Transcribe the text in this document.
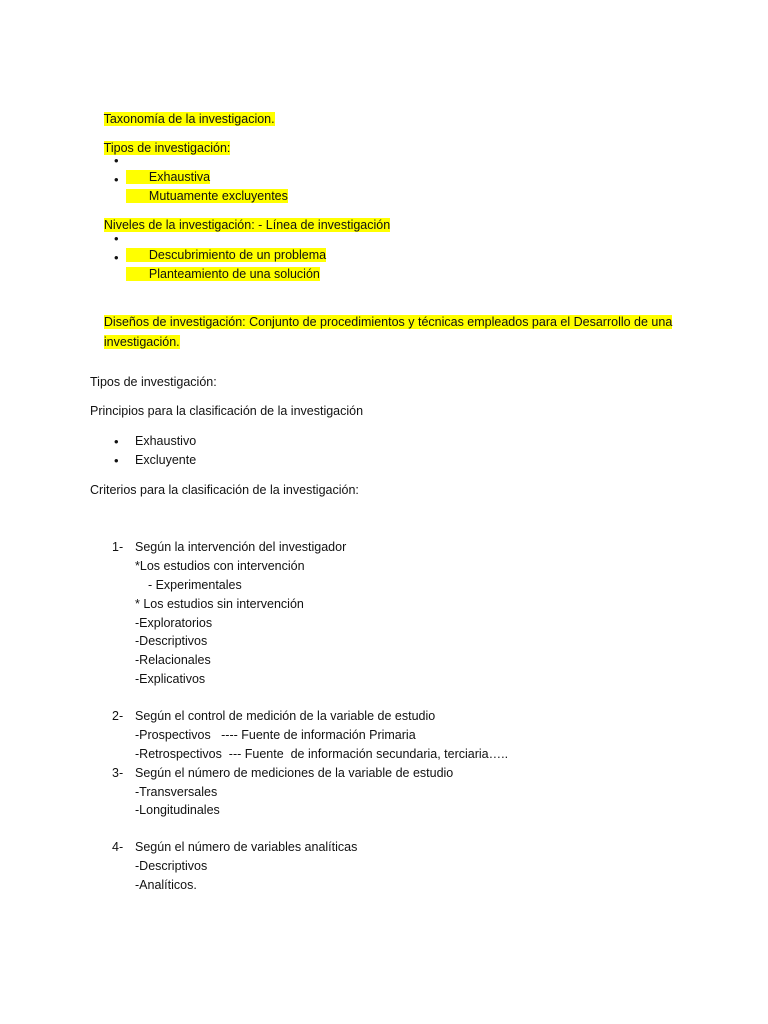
Taxonomía de la investigacion.

Tipos de investigación:

•

Exhaustiva

•

Mutuamente excluyentes

Niveles de la investigación: - Línea de investigación

•

Descubrimiento de un problema

•

Planteamiento de una solución

Diseños de investigación: Conjunto de procedimientos y técnicas empleados para el Desarrollo de una

investigación.

Tipos de investigación:
Principios para la clasificación de la investigación
• Exhaustivo
• Excluyente
Criterios para la clasificación de la investigación:
1- Según la intervención del investigador
*Los estudios con intervención
- Experimentales
* Los estudios sin intervención
-Exploratorios
-Descriptivos
-Relacionales
-Explicativos
2- Según el control de medición de la variable de estudio
-Prospectivos   ---- Fuente de información Primaria
-Retrospectivos  --- Fuente  de información secundaria, terciaria…..
3- Según el número de mediciones de la variable de estudio
-Transversales
-Longitudinales
4- Según el número de variables analíticas
-Descriptivos
-Analíticos.
